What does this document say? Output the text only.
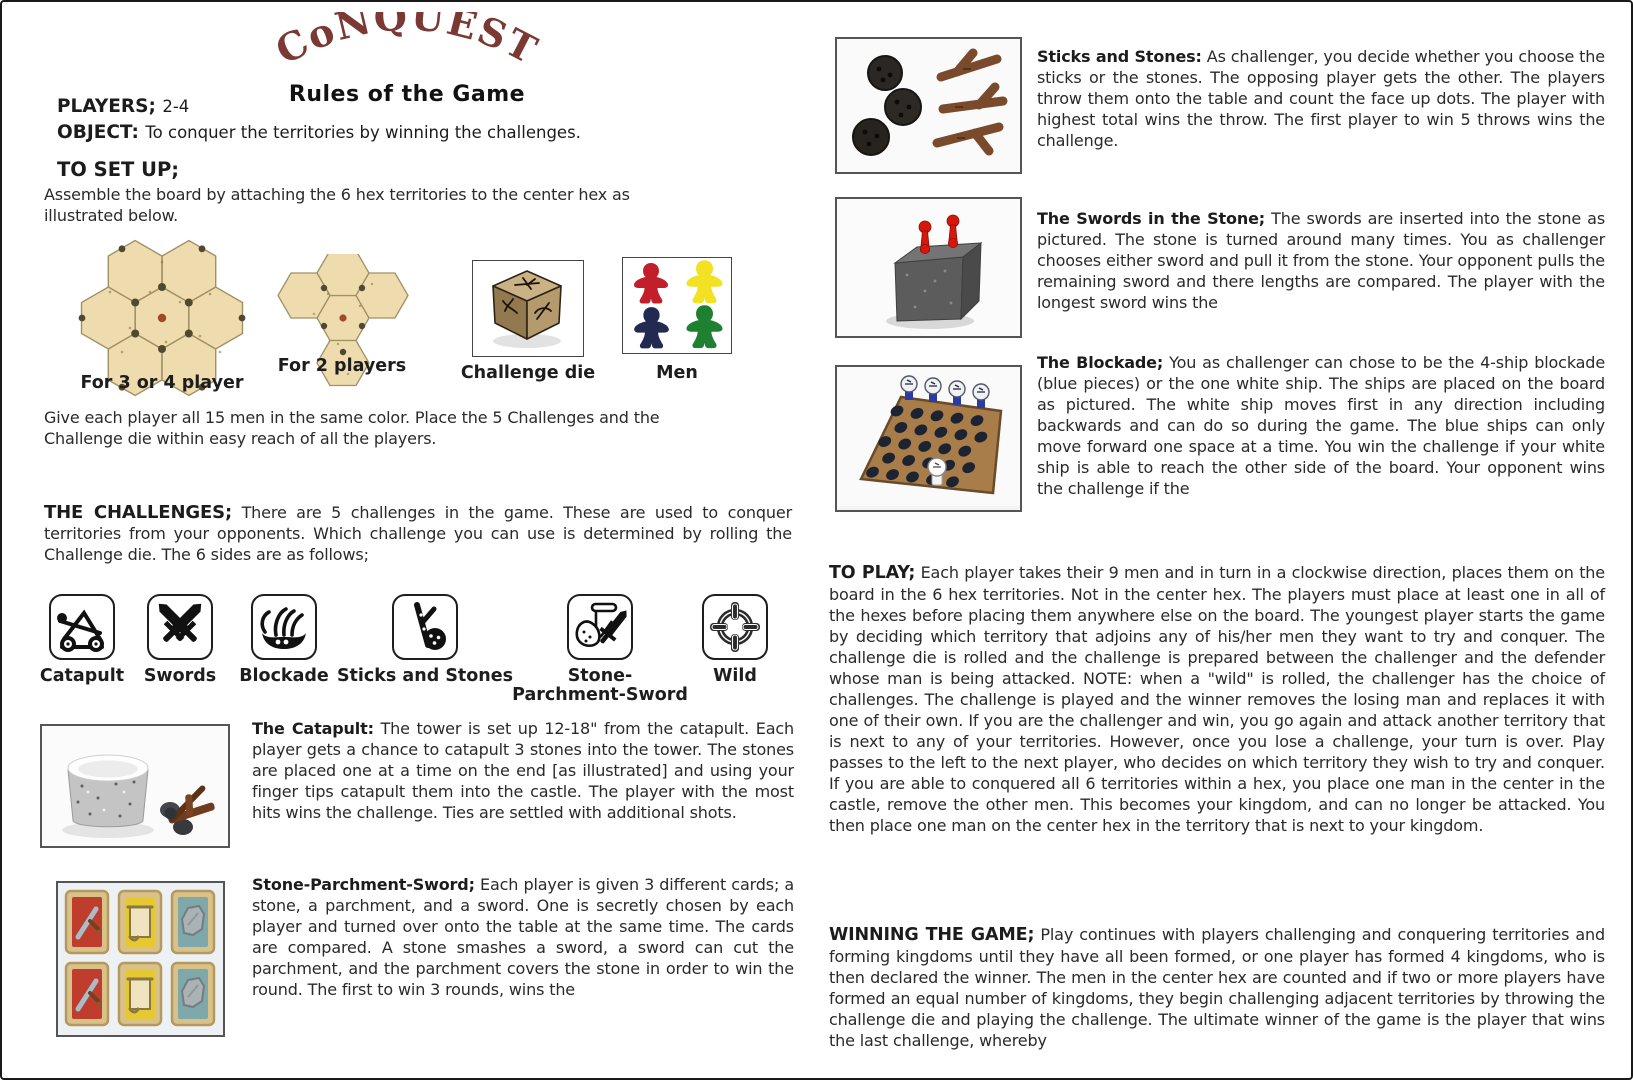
CoNQUEST
Rules of the Game
PLAYERS; 2-4
OBJECT: To conquer the territories by winning the challenges.
TO SET UP;

Assemble the board by attaching the 6 hex territories to the center hex as illustrated below.

For 3 or 4 player
For 2 players	Challenge die	Men

Give each player all 15 men in the same color. Place the 5 Challenges and the Challenge die within easy reach of all the players.

THE CHALLENGES; There are 5 challenges in the game. These are used to conquer territories from your opponents. Which challenge you can use is determined by rolling the Challenge die. The 6 sides are as follows;

Catapult Swords Blockade Sticks and Stones	Stone-Parchment-Sword
Wild

The Catapult: The tower is set up 12-18" from the catapult. Each player gets a chance to catapult 3 stones into the tower. The stones are placed one at a time on the end [as illustrated] and using your finger tips catapult them into the castle. The player with the most hits wins the challenge. Ties are settled with additional shots.

Stone-Parchment-Sword; Each player is given 3 different cards; a stone, a parchment, and a sword. One is secretly chosen by each player and turned over onto the table at the same time. The cards are compared. A stone smashes a sword, a sword can cut the parchment, and the parchment covers the stone in order to win the round. The first to win 3 rounds, wins the

Sticks and Stones: As challenger, you decide whether you choose the sticks or the stones. The opposing player gets the other. The players throw them onto the table and count the face up dots. The player with highest total wins the throw. The first player to win 5 throws wins the challenge.

The Swords in the Stone; The swords are inserted into the stone as pictured. The stone is turned around many times. You as challenger chooses either sword and pull it from the stone. Your opponent pulls the remaining sword and there lengths are compared. The player with the longest sword wins the

The Blockade; You as challenger can chose to be the 4-ship blockade (blue pieces) or the one white ship. The ships are placed on the board as pictured. The white ship moves first in any direction including backwards and can do so during the game. The blue ships can only move forward one space at a time. You win the challenge if your white ship is able to reach the other side of the board. Your opponent wins the challenge if the

TO PLAY; Each player takes their 9 men and in turn in a clockwise direction, places them on the board in the 6 hex territories. Not in the center hex. The players must place at least one in all of the hexes before placing them anywhere else on the board. The youngest player starts the game by deciding which territory that adjoins any of his/her men they want to try and conquer. The challenge die is rolled and the challenge is prepared between the challenger and the defender whose man is being attacked. NOTE: when a "wild" is rolled, the challenger has the choice of challenges. The challenge is played and the winner removes the losing man and replaces it with one of their own. If you are the challenger and win, you go again and attack another territory that is next to any of your territories. However, once you lose a challenge, your turn is over. Play passes to the left to the next player, who decides on which territory they wish to try and conquer. If you are able to conquered all 6 territories within a hex, you place one man in the center in the castle, remove the other men. This becomes your kingdom, and can no longer be attacked. You then place one man on the center hex in the territory that is next to your kingdom.

WINNING THE GAME; Play continues with players challenging and conquering territories and forming kingdoms until they have all been formed, or one player has formed 4 kingdoms, who is then declared the winner. The men in the center hex are counted and if two or more players have formed an equal number of kingdoms, they begin challenging adjacent territories by throwing the challenge die and playing the challenge. The ultimate winner of the game is the player that wins the last challenge, whereby
